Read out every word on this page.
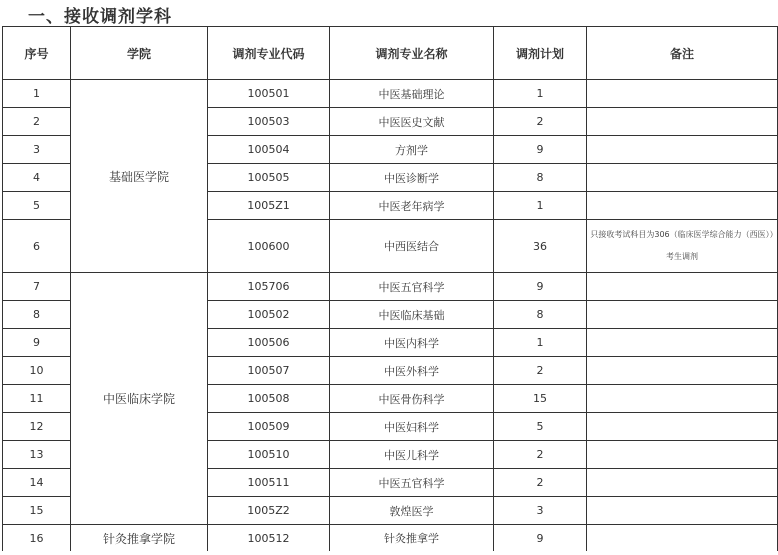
一、接收调剂学科
序号	学院	调剂专业代码	调剂专业名称	调剂计划	备注
1	基础医学院	100501	中医基础理论	1	
2		100503	中医医史文献	2	
3		100504	方剂学	9	
4		100505	中医诊断学	8	
5		1005Z1	中医老年病学	1	
6		100600	中西医结合	36	只接收考试科目为306（临床医学综合能力（西医））考生调剂
7	中医临床学院	105706	中医五官科学	9	
8		100502	中医临床基础	8	
9		100506	中医内科学	1	
10		100507	中医外科学	2	
11		100508	中医骨伤科学	15	
12		100509	中医妇科学	5	
13		100510	中医儿科学	2	
14		100511	中医五官科学	2	
15		1005Z2	敦煌医学	3	
16	针灸推拿学院	100512	针灸推拿学	9	
